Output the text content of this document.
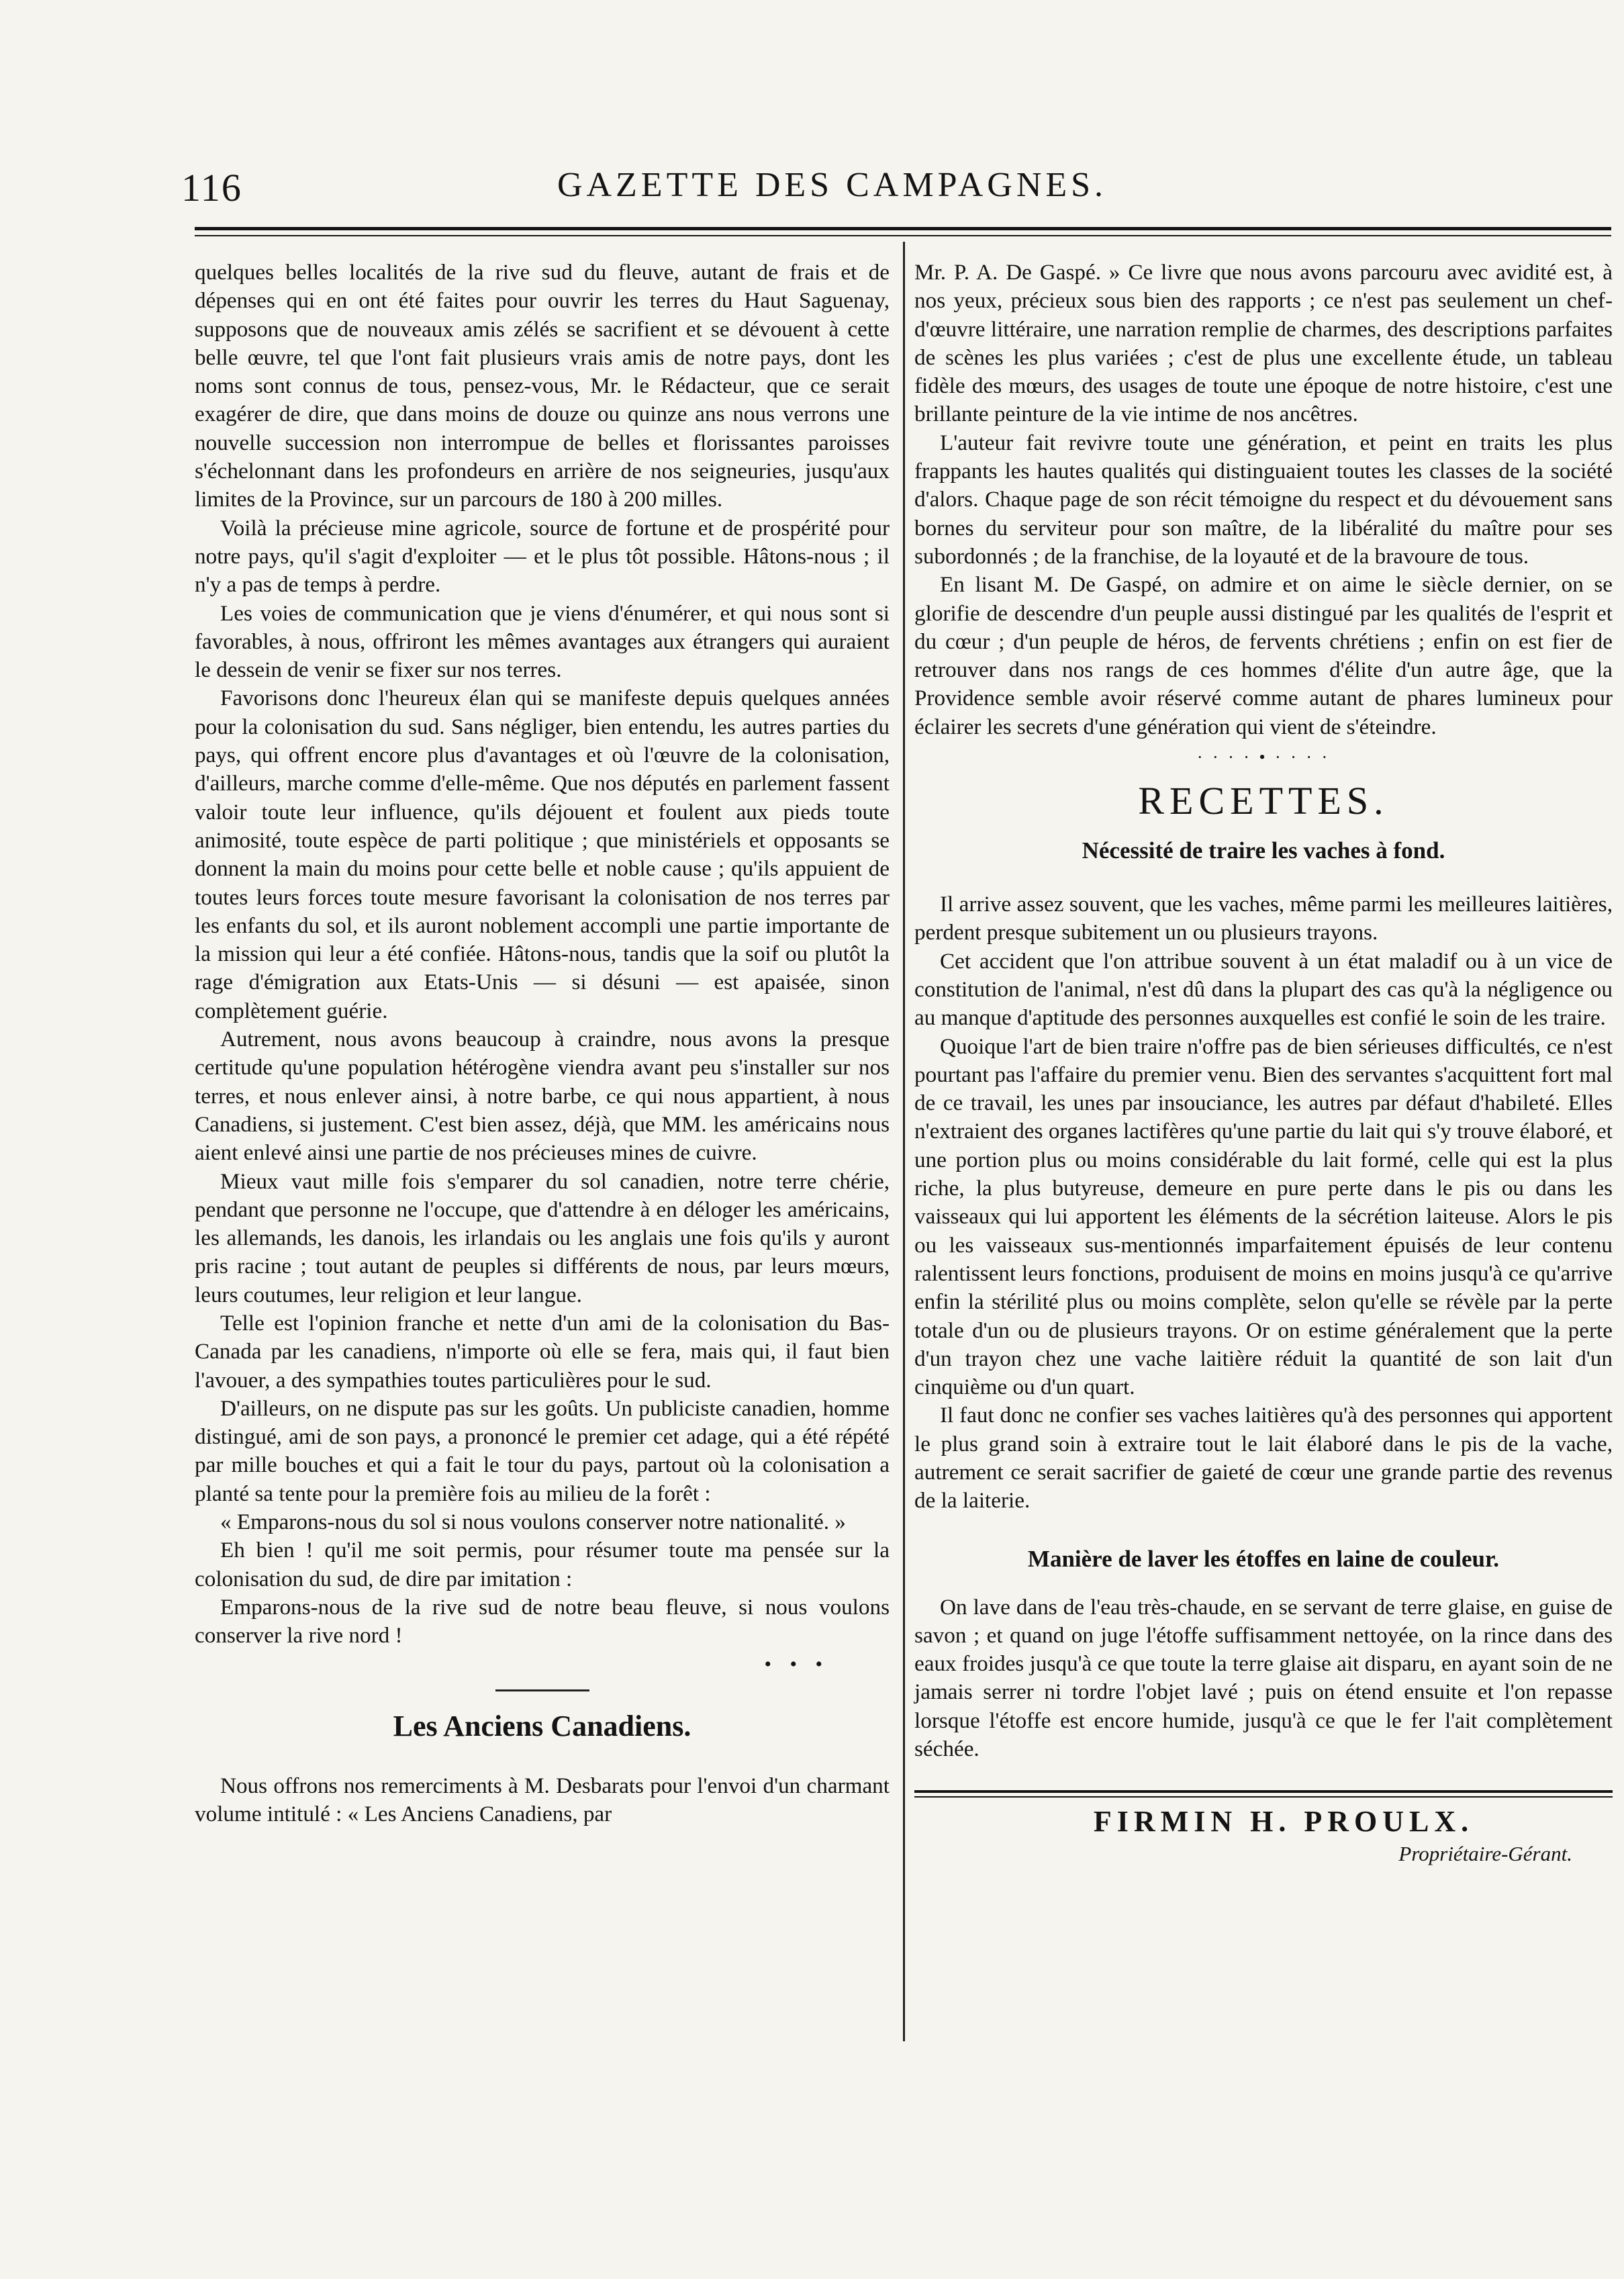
116	GAZETTE DES CAMPAGNES.

quelques belles localités de la rive sud du fleuve, autant de frais et de dépenses qui en ont été faites pour ouvrir les terres du Haut Saguenay, supposons que de nouveaux amis zélés se sacrifient et se dévouent à cette belle œuvre, tel que l'ont fait plusieurs vrais amis de notre pays, dont les noms sont connus de tous, pensez-vous, Mr. le Rédacteur, que ce serait exagérer de dire, que dans moins de douze ou quinze ans nous verrons une nouvelle succession non interrompue de belles et florissantes paroisses s'échelonnant dans les profondeurs en arrière de nos seigneuries, jusqu'aux limites de la Province, sur un parcours de 180 à 200 milles.

Voilà la précieuse mine agricole, source de fortune et de prospérité pour notre pays, qu'il s'agit d'exploiter — et le plus tôt possible. Hâtons-nous ; il n'y a pas de temps à perdre.

Les voies de communication que je viens d'énumérer, et qui nous sont si favorables, à nous, offriront les mêmes avantages aux étrangers qui auraient le dessein de venir se fixer sur nos terres.

Favorisons donc l'heureux élan qui se manifeste depuis quelques années pour la colonisation du sud. Sans négliger, bien entendu, les autres parties du pays, qui offrent encore plus d'avantages et où l'œuvre de la colonisation, d'ailleurs, marche comme d'elle-même. Que nos députés en parlement fassent valoir toute leur influence, qu'ils déjouent et foulent aux pieds toute animosité, toute espèce de parti politique ; que ministériels et opposants se donnent la main du moins pour cette belle et noble cause ; qu'ils appuient de toutes leurs forces toute mesure favorisant la colonisation de nos terres par les enfants du sol, et ils auront noblement accompli une partie importante de la mission qui leur a été confiée. Hâtons-nous, tandis que la soif ou plutôt la rage d'émigration aux Etats-Unis — si désuni — est apaisée, sinon complètement guérie.

Autrement, nous avons beaucoup à craindre, nous avons la presque certitude qu'une population hétérogène viendra avant peu s'installer sur nos terres, et nous enlever ainsi, à notre barbe, ce qui nous appartient, à nous Canadiens, si justement. C'est bien assez, déjà, que MM. les américains nous aient enlevé ainsi une partie de nos précieuses mines de cuivre.

Mieux vaut mille fois s'emparer du sol canadien, notre terre chérie, pendant que personne ne l'occupe, que d'attendre à en déloger les américains, les allemands, les danois, les irlandais ou les anglais une fois qu'ils y auront pris racine ; tout autant de peuples si différents de nous, par leurs mœurs, leurs coutumes, leur religion et leur langue.

Telle est l'opinion franche et nette d'un ami de la colonisation du Bas-Canada par les canadiens, n'importe où elle se fera, mais qui, il faut bien l'avouer, a des sympathies toutes particulières pour le sud.

D'ailleurs, on ne dispute pas sur les goûts. Un publiciste canadien, homme distingué, ami de son pays, a prononcé le premier cet adage, qui a été répété par mille bouches et qui a fait le tour du pays, partout où la colonisation a planté sa tente pour la première fois au milieu de la forêt :

« Emparons-nous du sol si nous voulons conserver notre nationalité. »

Eh bien ! qu'il me soit permis, pour résumer toute ma pensée sur la colonisation du sud, de dire par imitation :

Emparons-nous de la rive sud de notre beau fleuve, si nous voulons conserver la rive nord !

• • •
Les Anciens Canadiens.

Nous offrons nos remerciments à M. Desbarats pour l'envoi d'un charmant volume intitulé : « Les Anciens Canadiens, par

Mr. P. A. De Gaspé. » Ce livre que nous avons parcouru avec avidité est, à nos yeux, précieux sous bien des rapports ; ce n'est pas seulement un chef-d'œuvre littéraire, une narration remplie de charmes, des descriptions parfaites de scènes les plus variées ; c'est de plus une excellente étude, un tableau fidèle des mœurs, des usages de toute une époque de notre histoire, c'est une brillante peinture de la vie intime de nos ancêtres.

L'auteur fait revivre toute une génération, et peint en traits les plus frappants les hautes qualités qui distinguaient toutes les classes de la société d'alors. Chaque page de son récit témoigne du respect et du dévouement sans bornes du serviteur pour son maître, de la libéralité du maître pour ses subordonnés ; de la franchise, de la loyauté et de la bravoure de tous.

En lisant M. De Gaspé, on admire et on aime le siècle dernier, on se glorifie de descendre d'un peuple aussi distingué par les qualités de l'esprit et du cœur ; d'un peuple de héros, de fervents chrétiens ; enfin on est fier de retrouver dans nos rangs de ces hommes d'élite d'un autre âge, que la Providence semble avoir réservé comme autant de phares lumineux pour éclairer les secrets d'une génération qui vient de s'éteindre.

· · · · • · · · ·
RECETTES.
Nécessité de traire les vaches à fond.

Il arrive assez souvent, que les vaches, même parmi les meilleures laitières, perdent presque subitement un ou plusieurs trayons.

Cet accident que l'on attribue souvent à un état maladif ou à un vice de constitution de l'animal, n'est dû dans la plupart des cas qu'à la négligence ou au manque d'aptitude des personnes auxquelles est confié le soin de les traire.

Quoique l'art de bien traire n'offre pas de bien sérieuses difficultés, ce n'est pourtant pas l'affaire du premier venu. Bien des servantes s'acquittent fort mal de ce travail, les unes par insouciance, les autres par défaut d'habileté. Elles n'extraient des organes lactifères qu'une partie du lait qui s'y trouve élaboré, et une portion plus ou moins considérable du lait formé, celle qui est la plus riche, la plus butyreuse, demeure en pure perte dans le pis ou dans les vaisseaux qui lui apportent les éléments de la sécrétion laiteuse. Alors le pis ou les vaisseaux sus-mentionnés imparfaitement épuisés de leur contenu ralentissent leurs fonctions, produisent de moins en moins jusqu'à ce qu'arrive enfin la stérilité plus ou moins complète, selon qu'elle se révèle par la perte totale d'un ou de plusieurs trayons. Or on estime généralement que la perte d'un trayon chez une vache laitière réduit la quantité de son lait d'un cinquième ou d'un quart.

Il faut donc ne confier ses vaches laitières qu'à des personnes qui apportent le plus grand soin à extraire tout le lait élaboré dans le pis de la vache, autrement ce serait sacrifier de gaieté de cœur une grande partie des revenus de la laiterie.

Manière de laver les étoffes en laine de couleur.

On lave dans de l'eau très-chaude, en se servant de terre glaise, en guise de savon ; et quand on juge l'étoffe suffisamment nettoyée, on la rince dans des eaux froides jusqu'à ce que toute la terre glaise ait disparu, en ayant soin de ne jamais serrer ni tordre l'objet lavé ; puis on étend ensuite et l'on repasse lorsque l'étoffe est encore humide, jusqu'à ce que le fer l'ait complètement séchée.

FIRMIN H. PROULX.
Propriétaire-Gérant.
